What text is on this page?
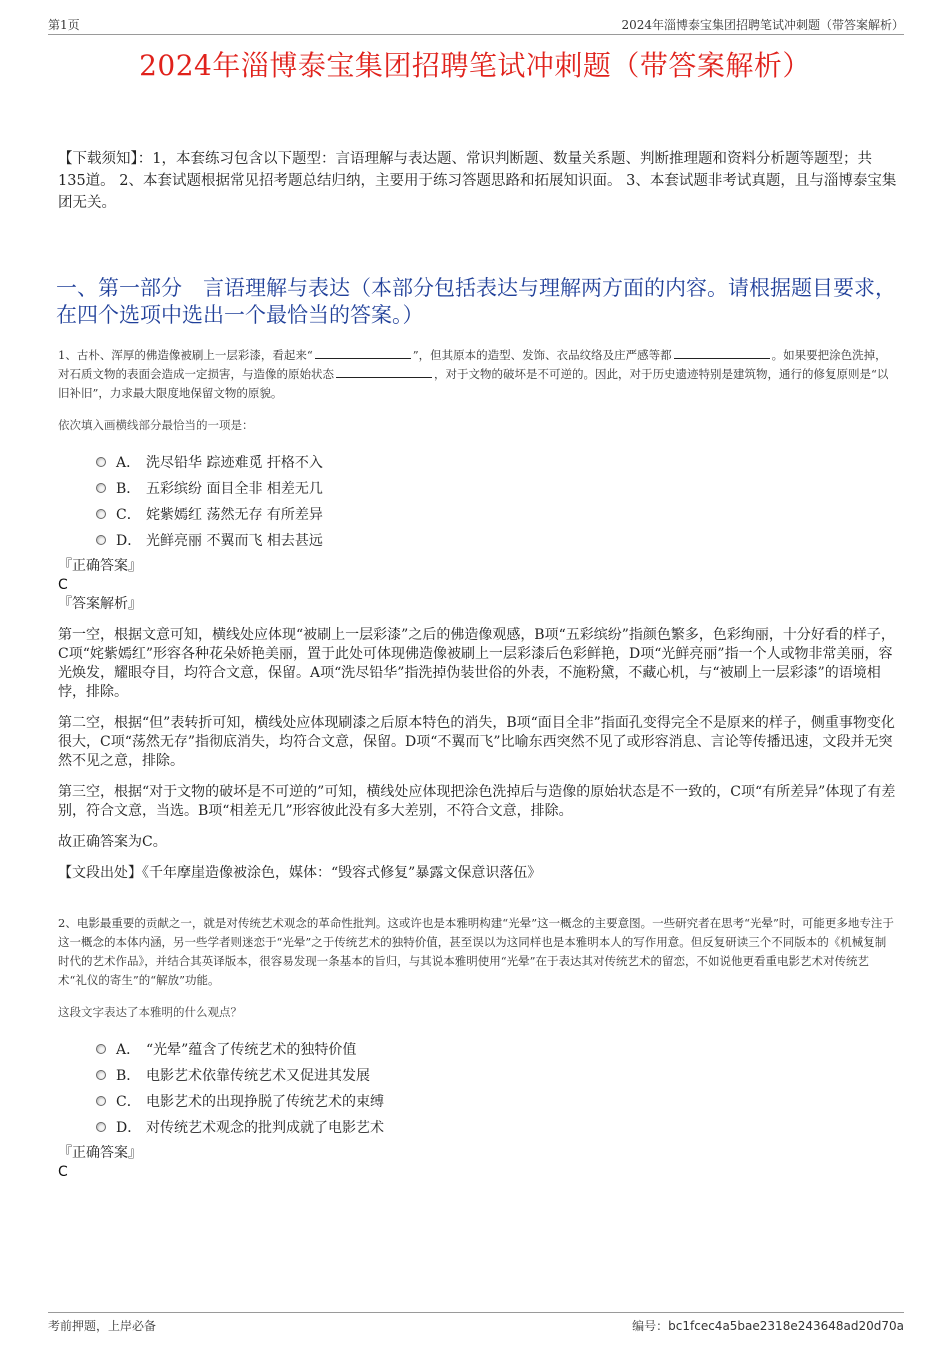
第1页	2024年淄博泰宝集团招聘笔试冲刺题（带答案解析）
2024年淄博泰宝集团招聘笔试冲刺题（带答案解析）
【下载须知】：1，本套练习包含以下题型：言语理解与表达题、常识判断题、数量关系题、判断推理题和资料分析题等题型；共135道。 2、本套试题根据常见招考题总结归纳，主要用于练习答题思路和拓展知识面。 3、本套试题非考试真题，且与淄博泰宝集团无关。
一、第一部分　言语理解与表达（本部分包括表达与理解两方面的内容。请根据题目要求，在四个选项中选出一个最恰当的答案。）
1、古朴、浑厚的佛造像被刷上一层彩漆，看起来“	”，但其原本的造型、发饰、衣品纹络及庄严感等都	。如果要把涂色洗掉，对石质文物的表面会造成一定损害，与造像的原始状态	，对于文物的破坏是不可逆的。因此，对于历史遗迹特别是建筑物，通行的修复原则是“以旧补旧”，力求最大限度地保留文物的原貌。
依次填入画横线部分最恰当的一项是：
A． 洗尽铅华 踪迹难觅 扞格不入
B． 五彩缤纷 面目全非 相差无几
C． 姹紫嫣红 荡然无存 有所差异
D． 光鲜亮丽 不翼而飞 相去甚远
『正确答案』
C
『答案解析』
第一空，根据文意可知，横线处应体现“被刷上一层彩漆”之后的佛造像观感，B项“五彩缤纷”指颜色繁多，色彩绚丽，十分好看的样子，C项“姹紫嫣红”形容各种花朵娇艳美丽，置于此处可体现佛造像被刷上一层彩漆后色彩鲜艳，D项“光鲜亮丽”指一个人或物非常美丽，容光焕发，耀眼夺目，均符合文意，保留。A项“洗尽铅华”指洗掉伪装世俗的外表，不施粉黛，不藏心机，与“被刷上一层彩漆”的语境相悖，排除。
第二空，根据“但”表转折可知，横线处应体现刷漆之后原本特色的消失，B项“面目全非”指面孔变得完全不是原来的样子，侧重事物变化很大，C项“荡然无存”指彻底消失，均符合文意，保留。D项“不翼而飞”比喻东西突然不见了或形容消息、言论等传播迅速，文段并无突然不见之意，排除。
第三空，根据“对于文物的破坏是不可逆的”可知，横线处应体现把涂色洗掉后与造像的原始状态是不一致的，C项“有所差异”体现了有差别，符合文意，当选。B项“相差无几”形容彼此没有多大差别，不符合文意，排除。
故正确答案为C。
【文段出处】《千年摩崖造像被涂色，媒体：“毁容式修复”暴露文保意识落伍》
2、电影最重要的贡献之一，就是对传统艺术观念的革命性批判。这或许也是本雅明构建“光晕”这一概念的主要意图。一些研究者在思考“光晕”时，可能更多地专注于这一概念的本体内涵，另一些学者则迷恋于“光晕”之于传统艺术的独特价值，甚至误以为这同样也是本雅明本人的写作用意。但反复研读三个不同版本的《机械复制时代的艺术作品》，并结合其英译版本，很容易发现一条基本的旨归，与其说本雅明使用“光晕”在于表达其对传统艺术的留恋，不如说他更看重电影艺术对传统艺术“礼仪的寄生”的“解放”功能。
这段文字表达了本雅明的什么观点？
A． “光晕”蕴含了传统艺术的独特价值
B． 电影艺术依靠传统艺术又促进其发展
C． 电影艺术的出现挣脱了传统艺术的束缚
D． 对传统艺术观念的批判成就了电影艺术
『正确答案』
C
考前押题，上岸必备	编号：bc1fcec4a5bae2318e243648ad20d70a
